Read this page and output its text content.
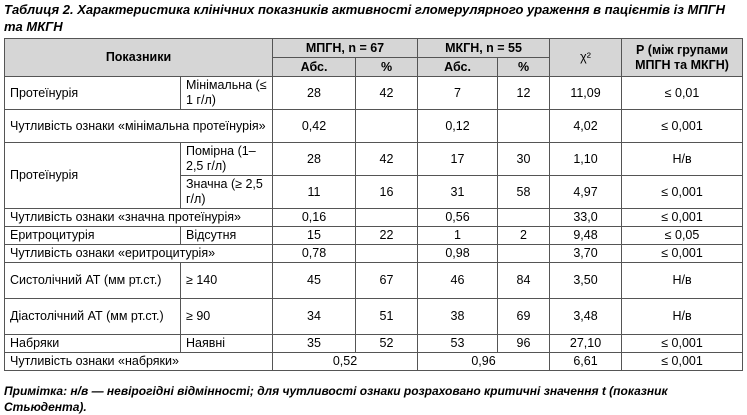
Таблиця 2. Характеристика клінічних показників активності гломерулярного ураження в пацієнтів із МПГН та МКГН
Показники		МПГН, n = 67		МКГН, n = 55		χ²	Р (між групами МПГН та МКГН)
		Абс.	%	Абс.	%		
Протеїнурія	Мінімальна (≤ 1 г/л)	28	42	7	12	11,09	≤ 0,01
Чутливість ознаки «мінімальна протеїнурія»		0,42		0,12		4,02	≤ 0,001
Протеїнурія	Помірна (1–2,5 г/л)	28	42	17	30	1,10	Н/в
	Значна (≥ 2,5 г/л)	11	16	31	58	4,97	≤ 0,001
Чутливість ознаки «значна протеїнурія»		0,16		0,56		33,0	≤ 0,001
Еритроцитурія	Відсутня	15	22	1	2	9,48	≤ 0,05
Чутливість ознаки «еритроцитурія»		0,78		0,98		3,70	≤ 0,001
Систолічний АТ (мм рт.ст.)	≥ 140	45	67	46	84	3,50	Н/в
Діастолічний АТ (мм рт.ст.)	≥ 90	34	51	38	69	3,48	Н/в
Набряки	Наявні	35	52	53	96	27,10	≤ 0,001
Чутливість ознаки «набряки»		0,52		0,96		6,61	≤ 0,001
Примітка: н/в — невірогідні відмінності; для чутливості ознаки розраховано критичні значення t (показник Стьюдента).
